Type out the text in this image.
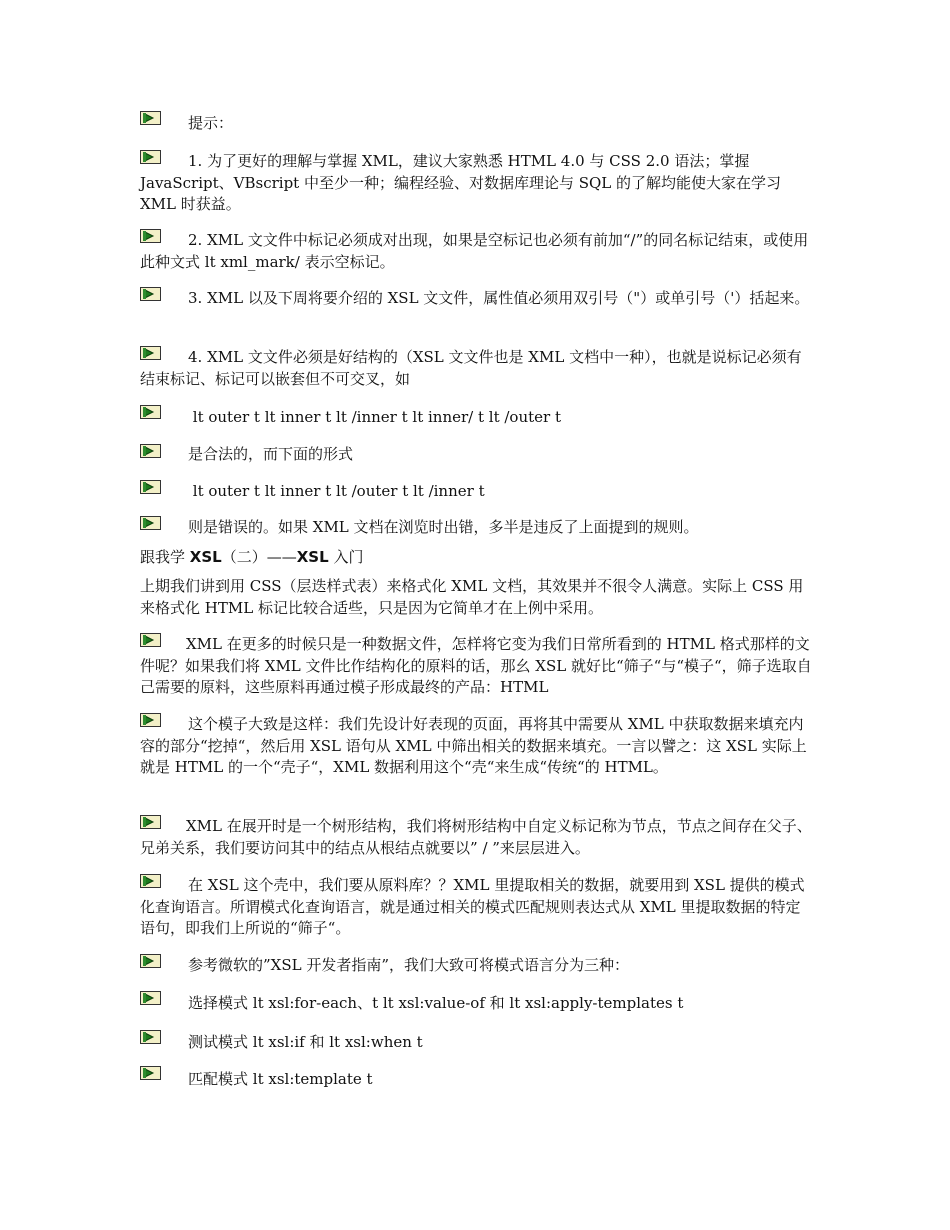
提示：
1. 为了更好的理解与掌握 XML，建议大家熟悉 HTML 4.0 与 CSS 2.0 语法；掌握 JavaScript、VBscript 中至少一种；编程经验、对数据库理论与 SQL 的了解均能使大家在学习 XML 时获益。
2. XML 文文件中标记必须成对出现，如果是空标记也必须有前加“/”的同名标记结束，或使用此种文式 lt xml_mark/ 表示空标记。
3. XML 以及下周将要介绍的 XSL 文文件，属性值必须用双引号（"）或单引号（'）括起来。
4. XML 文文件必须是好结构的（XSL 文文件也是 XML 文档中一种），也就是说标记必须有结束标记、标记可以嵌套但不可交叉，如
lt outer t lt inner t lt /inner t lt inner/ t lt /outer t
是合法的，而下面的形式
lt outer t lt inner t lt /outer t lt /inner t
则是错误的。如果 XML 文档在浏览时出错，多半是违反了上面提到的规则。
跟我学 XSL（二）——XSL 入门
上期我们讲到用 CSS（层迭样式表）来格式化 XML 文档，其效果并不很令人满意。实际上 CSS 用来格式化 HTML 标记比较合适些，只是因为它简单才在上例中采用。
XML 在更多的时候只是一种数据文件，怎样将它变为我们日常所看到的 HTML 格式那样的文件呢？如果我们将 XML 文件比作结构化的原料的话，那幺 XSL 就好比“筛子“与“模子“，筛子选取自己需要的原料，这些原料再通过模子形成最终的产品：HTML
这个模子大致是这样：我们先设计好表现的页面，再将其中需要从 XML 中获取数据来填充内容的部分“挖掉“，然后用 XSL 语句从 XML 中筛出相关的数据来填充。一言以譬之：这 XSL 实际上就是 HTML 的一个“壳子“，XML 数据利用这个“壳“来生成“传统“的 HTML。
XML 在展开时是一个树形结构，我们将树形结构中自定义标记称为节点，节点之间存在父子、兄弟关系，我们要访问其中的结点从根结点就要以” / ”来层层进入。
在 XSL 这个壳中，我们要从原料库？？XML 里提取相关的数据，就要用到 XSL 提供的模式化查询语言。所谓模式化查询语言，就是通过相关的模式匹配规则表达式从 XML 里提取数据的特定语句，即我们上所说的“筛子“。
参考微软的”XSL 开发者指南”，我们大致可将模式语言分为三种：
选择模式 lt xsl:for-each、t lt xsl:value-of 和 lt xsl:apply-templates t
测试模式 lt xsl:if 和 lt xsl:when t
匹配模式 lt xsl:template t
